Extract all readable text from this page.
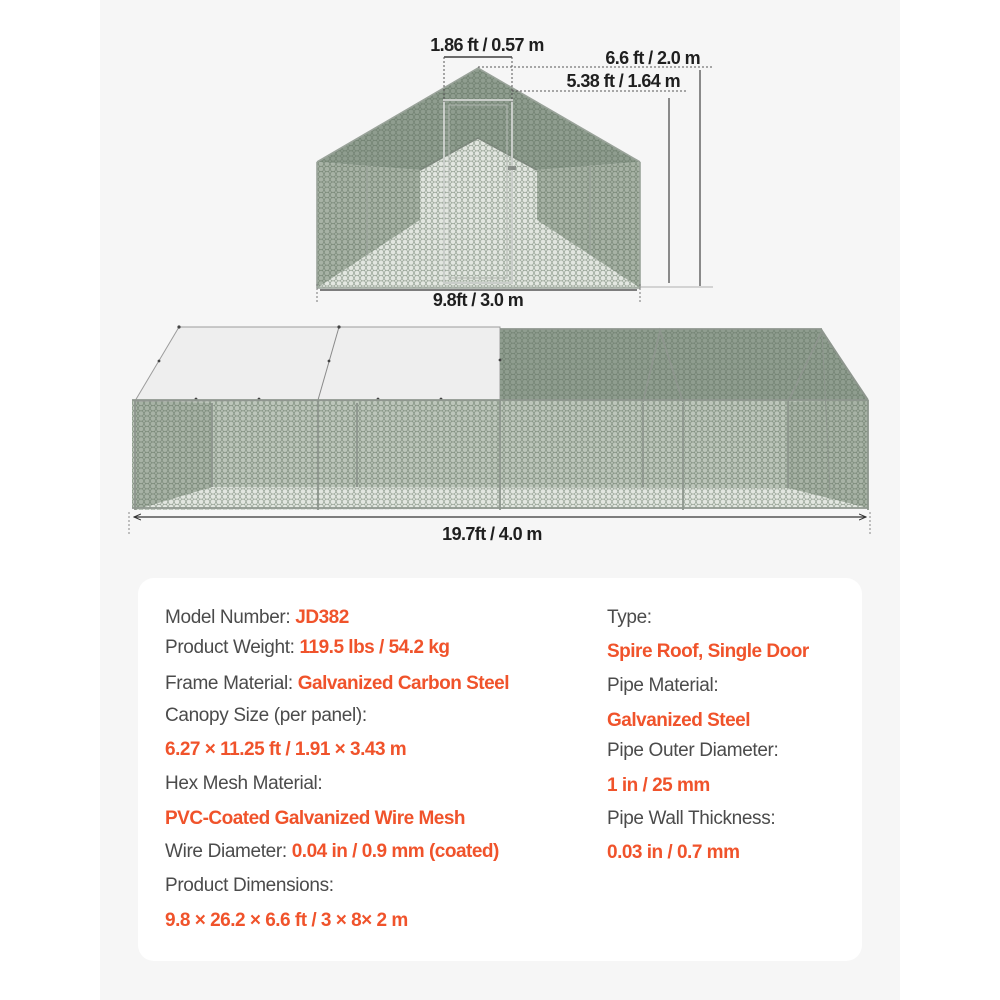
1.86 ft / 0.57 m
6.6 ft / 2.0 m
5.38 ft / 1.64 m
9.8ft / 3.0 m
19.7ft / 4.0 m
Model Number: JD382
Product Weight: 119.5 lbs / 54.2 kg
Frame Material: Galvanized Carbon Steel
Canopy Size (per panel):
6.27 × 11.25 ft / 1.91 × 3.43 m
Hex Mesh Material:
PVC-Coated Galvanized Wire Mesh
Wire Diameter: 0.04 in / 0.9 mm (coated)
Product Dimensions:
9.8 × 26.2 × 6.6 ft / 3 × 8× 2 m
Type:
Spire Roof, Single Door
Pipe Material:
Galvanized Steel
Pipe Outer Diameter:
1 in / 25 mm
Pipe Wall Thickness:
0.03 in / 0.7 mm
